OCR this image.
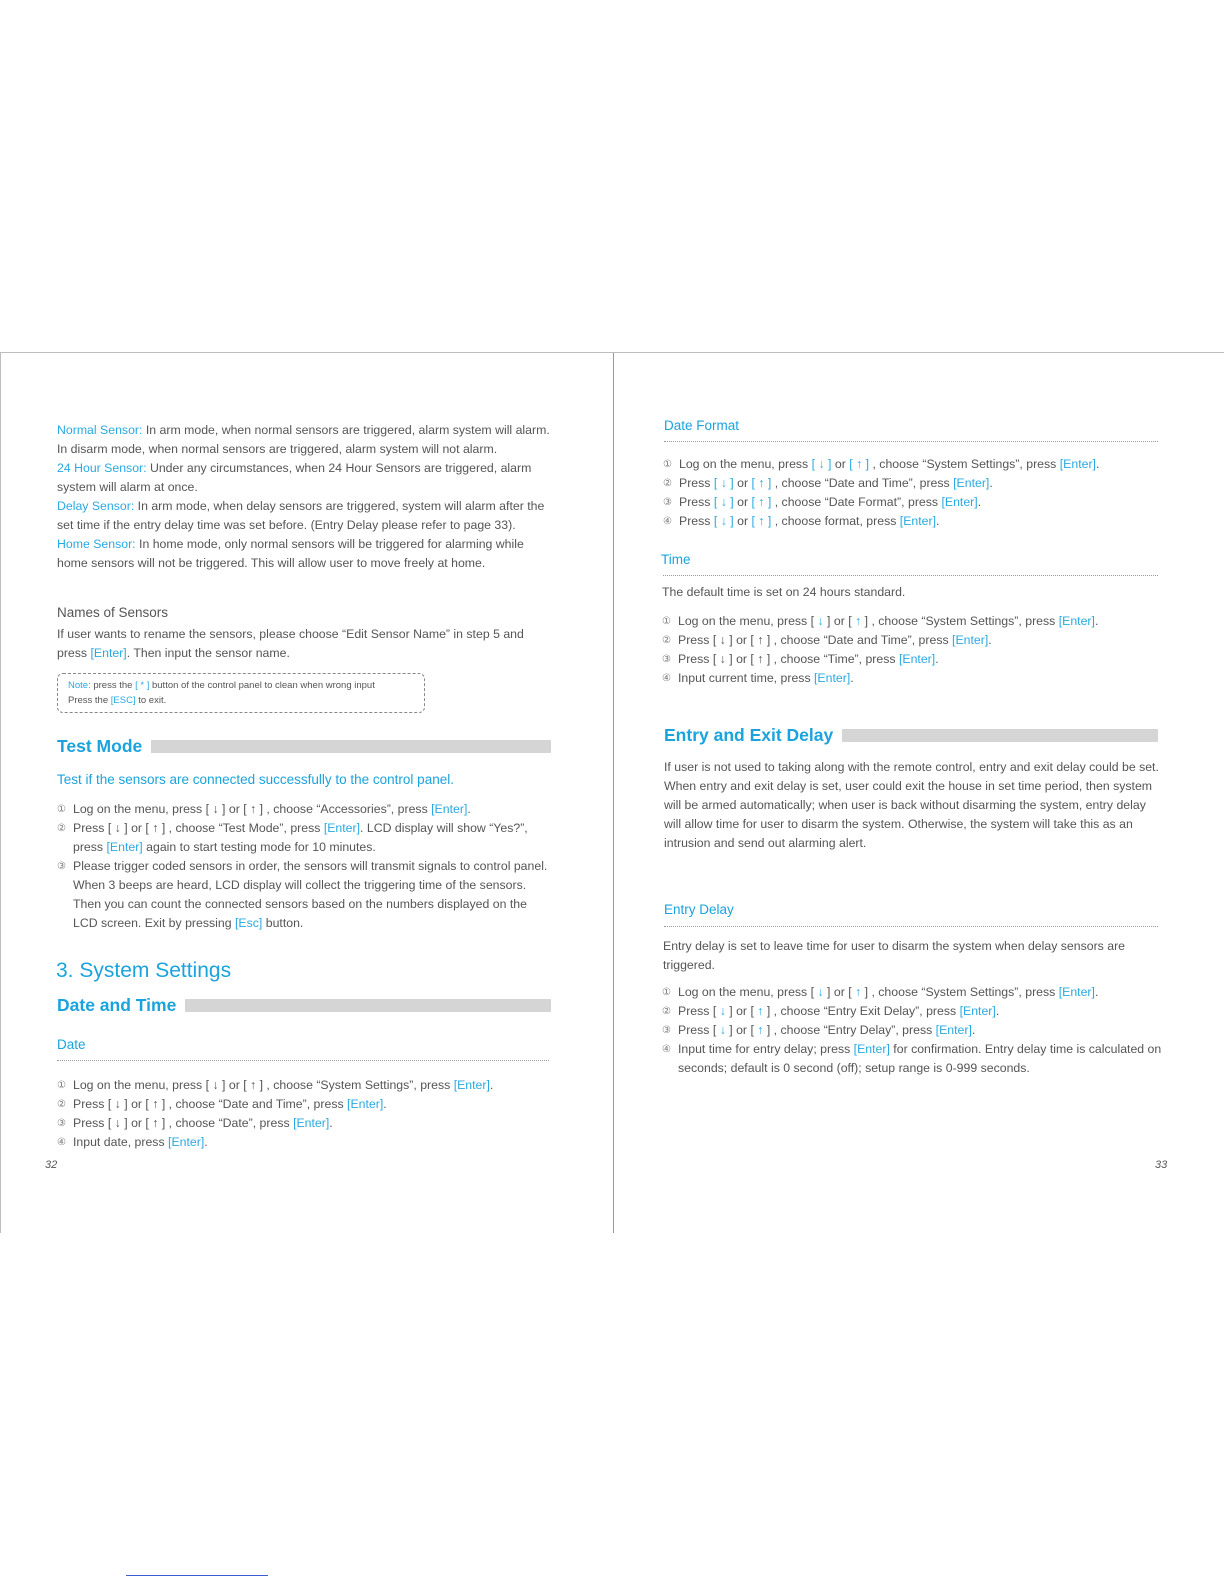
Normal Sensor: In arm mode, when normal sensors are triggered, alarm system will alarm. In disarm mode, when normal sensors are triggered, alarm system will not alarm.
24 Hour Sensor: Under any circumstances, when 24 Hour Sensors are triggered, alarm system will alarm at once.
Delay Sensor: In arm mode, when delay sensors are triggered, system will alarm after the set time if the entry delay time was set before. (Entry Delay please refer to page 33).
Home Sensor: In home mode, only normal sensors will be triggered for alarming while home sensors will not be triggered. This will allow user to move freely at home.
Names of Sensors
If user wants to rename the sensors, please choose “Edit Sensor Name” in step 5 and press [Enter]. Then input the sensor name.
Note: press the [ * ] button of the control panel to clean when wrong input
Press the [ESC] to exit.
Test Mode
Test if the sensors are connected successfully to the control panel.
① Log on the menu, press [ ↓ ] or [ ↑ ] , choose “Accessories”, press [Enter].
② Press [ ↓ ] or [ ↑ ] , choose “Test Mode”, press [Enter]. LCD display will show “Yes?”, press [Enter] again to start testing mode for 10 minutes.
③ Please trigger coded sensors in order, the sensors will transmit signals to control panel. When 3 beeps are heard, LCD display will collect the triggering time of the sensors. Then you can count the connected sensors based on the numbers displayed on the LCD screen. Exit by pressing [Esc] button.
3. System Settings
Date and Time
Date
① Log on the menu, press [ ↓ ] or [ ↑ ] , choose “System Settings”, press [Enter].
② Press [ ↓ ] or [ ↑ ] , choose “Date and Time”, press [Enter].
③ Press [ ↓ ] or [ ↑ ] , choose “Date”, press [Enter].
④ Input date, press [Enter].
32
Date Format
① Log on the menu, press [ ↓ ] or [ ↑ ] , choose “System Settings”, press [Enter].
② Press [ ↓ ] or [ ↑ ] , choose “Date and Time”, press [Enter].
③ Press [ ↓ ] or [ ↑ ] , choose “Date Format”, press [Enter].
④ Press [ ↓ ] or [ ↑ ] , choose format, press [Enter].
Time
The default time is set on 24 hours standard.
① Log on the menu, press [ ↓ ] or [ ↑ ] , choose “System Settings”, press [Enter].
② Press [ ↓ ] or [ ↑ ] , choose “Date and Time”, press [Enter].
③ Press [ ↓ ] or [ ↑ ] , choose “Time”, press [Enter].
④ Input current time, press [Enter].
Entry and Exit Delay
If user is not used to taking along with the remote control, entry and exit delay could be set.
When entry and exit delay is set, user could exit the house in set time period, then system will be armed automatically; when user is back without disarming the system, entry delay will allow time for user to disarm the system. Otherwise, the system will take this as an intrusion and send out alarming alert.
Entry Delay
Entry delay is set to leave time for user to disarm the system when delay sensors are triggered.
① Log on the menu, press [ ↓ ] or [ ↑ ] , choose “System Settings”, press [Enter].
② Press [ ↓ ] or [ ↑ ] , choose “Entry Exit Delay”, press [Enter].
③ Press [ ↓ ] or [ ↑ ] , choose “Entry Delay”, press [Enter].
④ Input time for entry delay; press [Enter] for confirmation. Entry delay time is calculated on seconds; default is 0 second (off); setup range is 0-999 seconds.
33
